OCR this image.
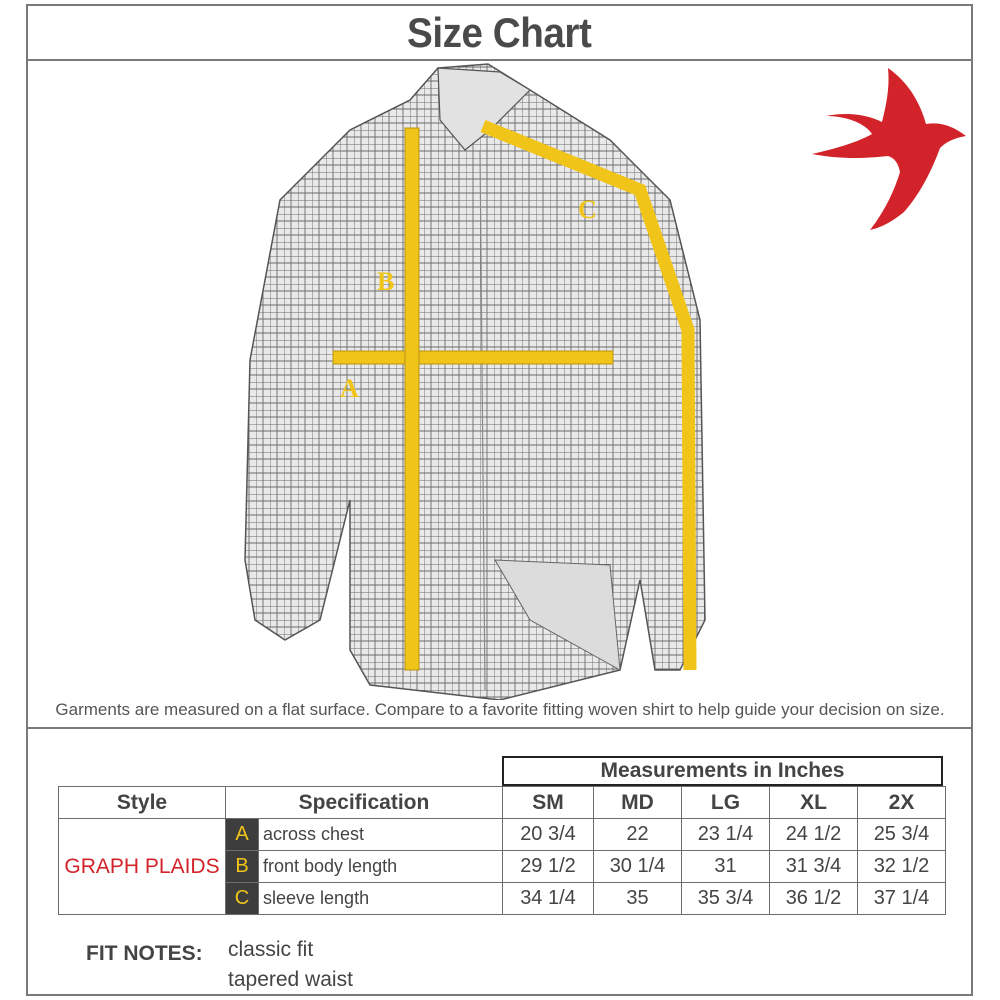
Size Chart
A
B
C
Garments are measured on a flat surface. Compare to a favorite fitting woven shirt to help guide your decision on size.
Measurements in Inches
Style	Specification		SM	MD	LG	XL	2X
GRAPH PLAIDS	A	across chest	20 3/4	22	23 1/4	24 1/2	25 3/4
	B	front body length	29 1/2	30 1/4	31	31 3/4	32 1/2
	C	sleeve length	34 1/4	35	35 3/4	36 1/2	37 1/4
FIT NOTES: classic fit
tapered waist
